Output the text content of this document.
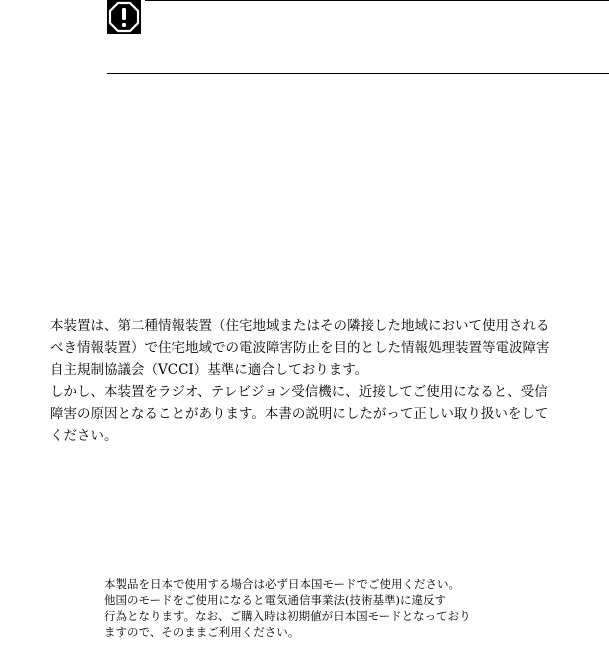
本装置は、第二種情報装置（住宅地域またはその隣接した地域において使用される
べき情報装置）で住宅地域での電波障害防止を目的とした情報処理装置等電波障害
自主規制協議会（VCCI）基準に適合しております。
しかし、本装置をラジオ、テレビジョン受信機に、近接してご使用になると、受信
障害の原因となることがあります。本書の説明にしたがって正しい取り扱いをして
ください。
本製品を日本で使用する場合は必ず日本国モードでご使用ください。
他国のモードをご使用になると電気通信事業法(技術基準)に違反す
行為となります。なお、ご購入時は初期値が日本国モードとなっており
ますので、そのままご利用ください。
